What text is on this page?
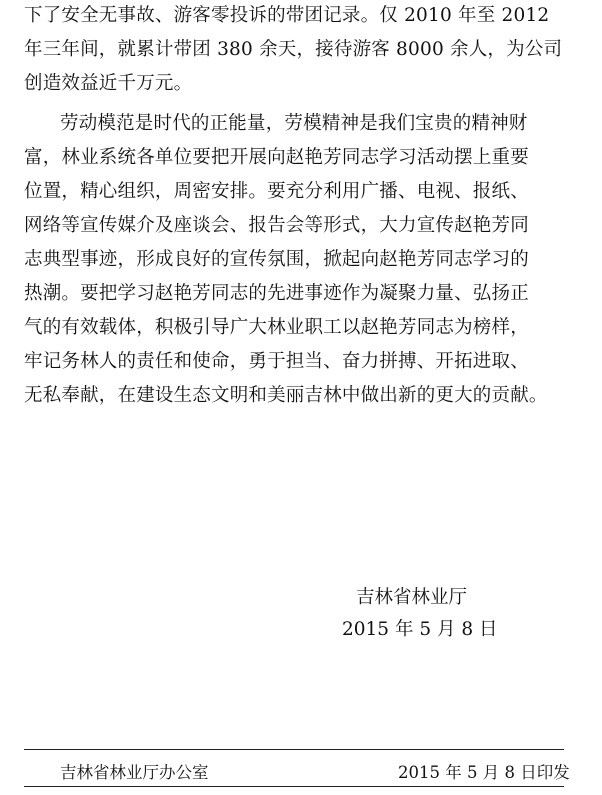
下了安全无事故、游客零投诉的带团记录。仅 2010 年至 2012
年三年间，就累计带团 380 余天，接待游客 8000 余人，为公司
创造效益近千万元。
劳动模范是时代的正能量，劳模精神是我们宝贵的精神财
富，林业系统各单位要把开展向赵艳芳同志学习活动摆上重要
位置，精心组织，周密安排。要充分利用广播、电视、报纸、
网络等宣传媒介及座谈会、报告会等形式，大力宣传赵艳芳同
志典型事迹，形成良好的宣传氛围，掀起向赵艳芳同志学习的
热潮。要把学习赵艳芳同志的先进事迹作为凝聚力量、弘扬正
气的有效载体，积极引导广大林业职工以赵艳芳同志为榜样，
牢记务林人的责任和使命，勇于担当、奋力拼搏、开拓进取、
无私奉献，在建设生态文明和美丽吉林中做出新的更大的贡献。
吉林省林业厅
2015 年 5 月 8 日
吉林省林业厅办公室	2015 年 5 月 8 日印发
